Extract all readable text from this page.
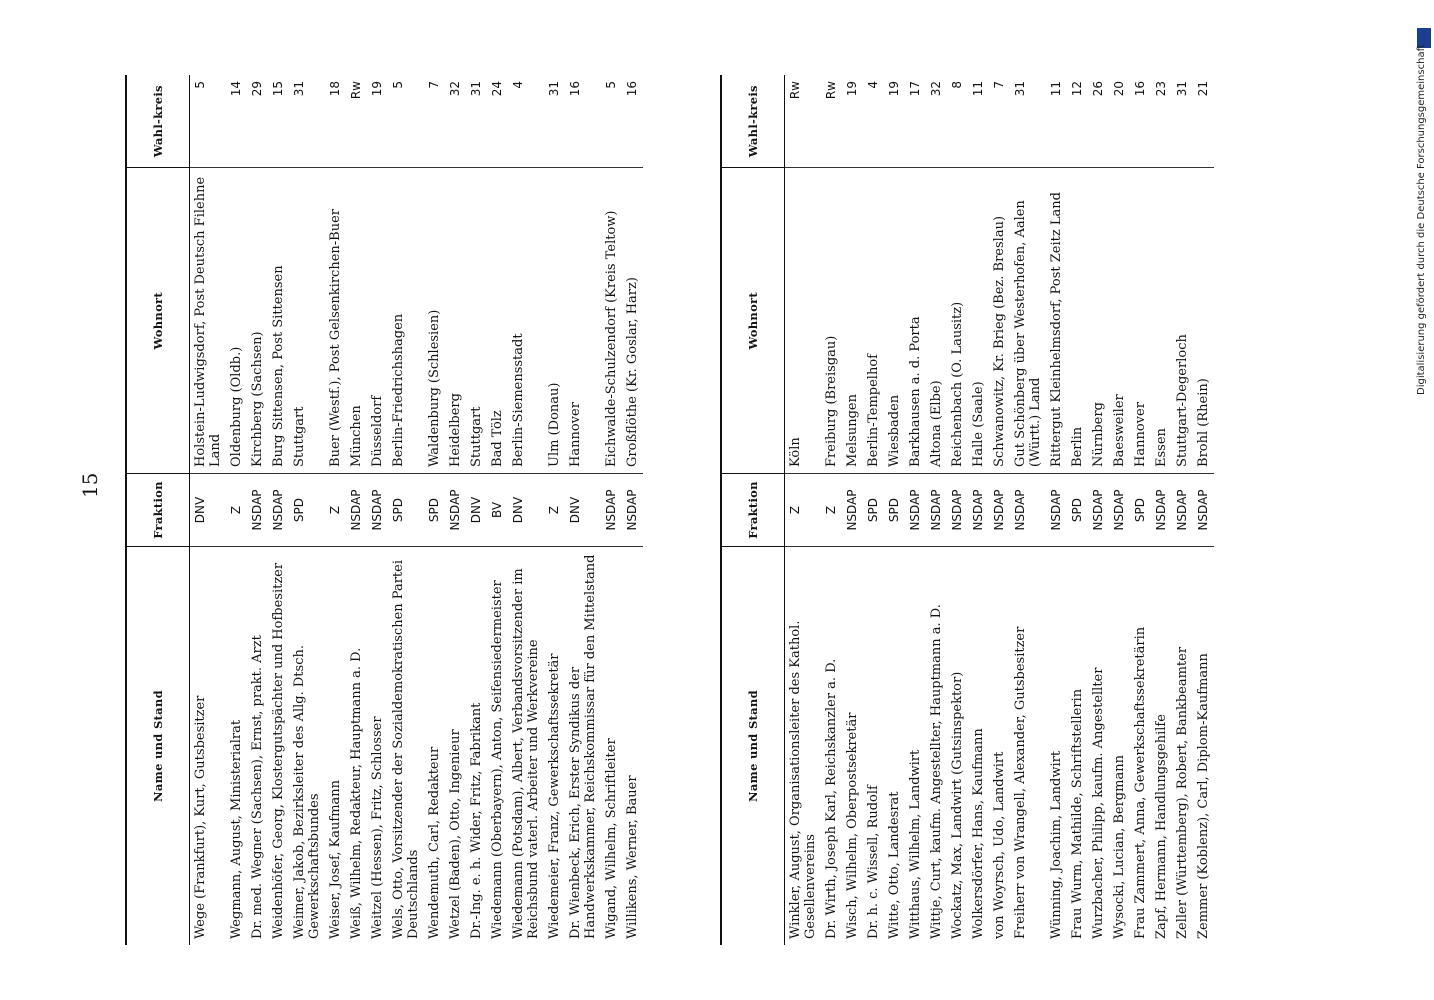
15
Name und Stand	Fraktion	Wohnort	Wahl-kreis
Wege (Frankfurt), Kurt, Gutsbesitzer	DNV	Holstein-Ludwigsdorf, Post Deutsch Filehne Land	5
Wegmann, August, Ministerialrat	Z	Oldenburg (Oldb.)	14
Dr. med. Wegner (Sachsen), Ernst, prakt. Arzt	NSDAP	Kirchberg (Sachsen)	29
Weidenhöfer, Georg, Klostergutspächter und Hofbesitzer	NSDAP	Burg Sittensen, Post Sittensen	15
Weimer, Jakob, Bezirksleiter des Allg. Dtsch. Gewerkschaftsbundes	SPD	Stuttgart	31
Weiser, Josef, Kaufmann	Z	Buer (Westf.), Post Gelsenkirchen-Buer	18
Weiß, Wilhelm, Redakteur, Hauptmann a. D.	NSDAP	München	Rw
Weitzel (Hessen), Fritz, Schlosser	NSDAP	Düsseldorf	19
Wels, Otto, Vorsitzender der Sozialdemokratischen Partei Deutschlands	SPD	Berlin-Friedrichshagen	5
Wendemuth, Carl, Redakteur	SPD	Waldenburg (Schlesien)	7
Wetzel (Baden), Otto, Ingenieur	NSDAP	Heidelberg	32
Dr.-Ing. e. h. Wider, Fritz, Fabrikant	DNV	Stuttgart	31
Wiedemann (Oberbayern), Anton, Seifensiedermeister	BV	Bad Tölz	24
Wiedemann (Potsdam), Albert, Verbandsvorsitzender im Reichsbund vaterl. Arbeiter und Werkvereine	DNV	Berlin-Siemensstadt	4
Wiedemeier, Franz, Gewerkschaftssekretär	Z	Ulm (Donau)	31
Dr. Wienbeck, Erich, Erster Syndikus der Handwerkskammer, Reichskommissar für den Mittelstand	DNV	Hannover	16
Wigand, Wilhelm, Schriftleiter	NSDAP	Eichwalde-Schulzendorf (Kreis Teltow)	5
Willikens, Werner, Bauer	NSDAP	Großflöthe (Kr. Goslar, Harz)	16
Name und Stand	Fraktion	Wohnort	Wahl-kreis
Winkler, August, Organisationsleiter des Kathol. Gesellenvereins	Z	Köln	Rw
Dr. Wirth, Joseph Karl, Reichskanzler a. D.	Z	Freiburg (Breisgau)	Rw
Wisch, Wilhelm, Oberpostsekretär	NSDAP	Melsungen	19
Dr. h. c. Wissell, Rudolf	SPD	Berlin-Tempelhof	4
Witte, Otto, Landesrat	SPD	Wiesbaden	19
Witthaus, Wilhelm, Landwirt	NSDAP	Barkhausen a. d. Porta	17
Wittje, Curt, kaufm. Angestellter, Hauptmann a. D.	NSDAP	Altona (Elbe)	32
Wockatz, Max, Landwirt (Gutsinspektor)	NSDAP	Reichenbach (O. Lausitz)	8
Wolkersdörfer, Hans, Kaufmann	NSDAP	Halle (Saale)	11
von Woyrsch, Udo, Landwirt	NSDAP	Schwanowitz, Kr. Brieg (Bez. Breslau)	7
Freiherr von Wrangell, Alexander, Gutsbesitzer	NSDAP	Gut Schönberg über Westerhofen, Aalen (Württ.) Land	31
Wünning, Joachim, Landwirt	NSDAP	Rittergut Kleinhelmsdorf, Post Zeitz Land	11
Frau Wurm, Mathilde, Schriftstellerin	SPD	Berlin	12
Wurzbacher, Philipp, kaufm. Angestellter	NSDAP	Nürnberg	26
Wysocki, Lucian, Bergmann	NSDAP	Baesweiler	20
Frau Zammert, Anna, Gewerkschaftssekretärin	SPD	Hannover	16
Zapf, Hermann, Handlungsgehilfe	NSDAP	Essen	23
Zeller (Württemberg), Robert, Bankbeamter	NSDAP	Stuttgart-Degerloch	31
Zemmer (Koblenz), Carl, Diplom-Kaufmann	NSDAP	Brohl (Rhein)	21	Digitalisierung gefördert durch die Deutsche Forschungsgemeinschaft
